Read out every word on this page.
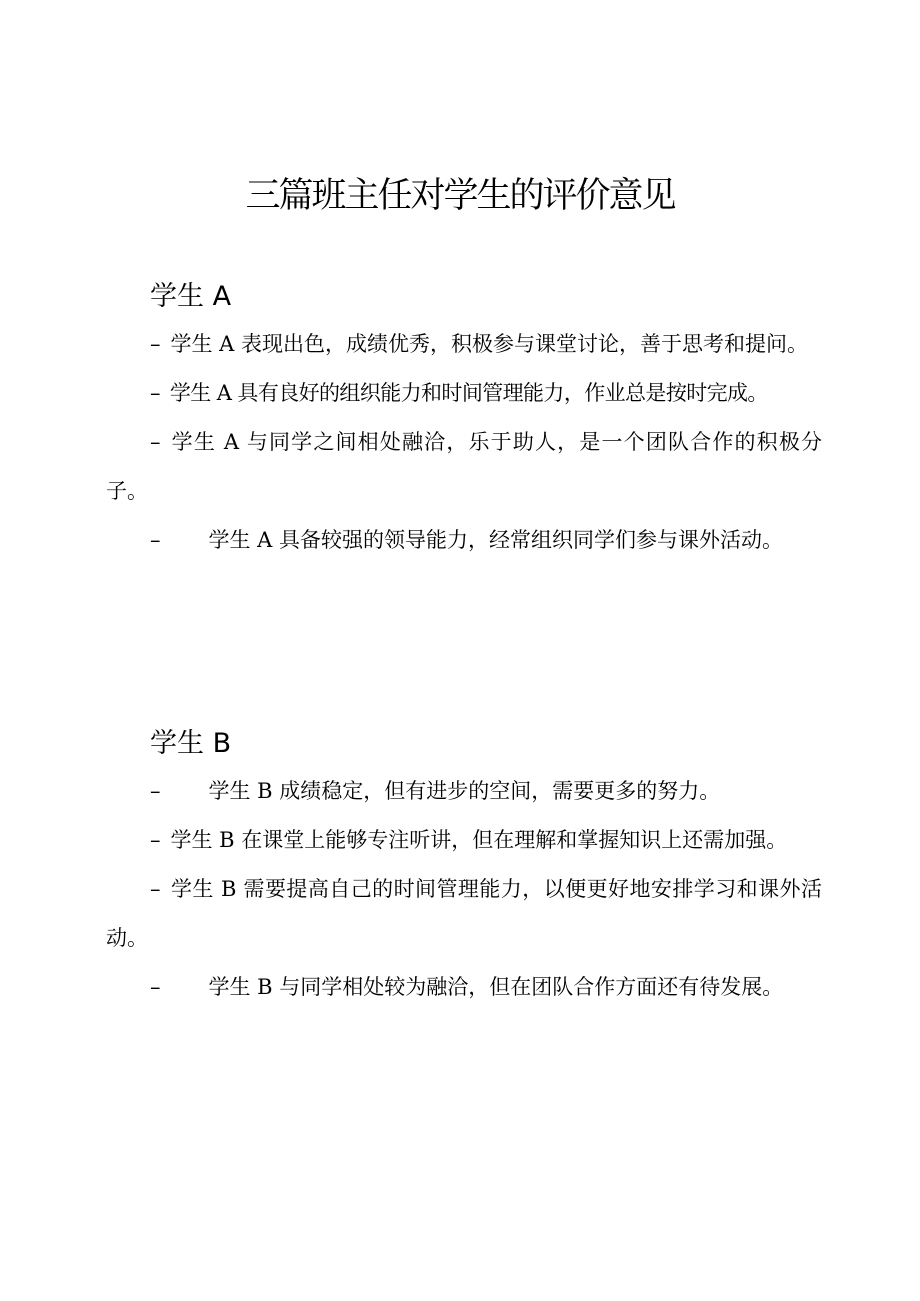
三篇班主任对学生的评价意见
学生 A

– 学生 A 表现出色，成绩优秀，积极参与课堂讨论，善于思考和提问。

– 学生 A 具有良好的组织能力和时间管理能力，作业总是按时完成。

– 学生 A 与同学之间相处融洽，乐于助人，是一个团队合作的积极分子。

– 学生 A 具备较强的领导能力，经常组织同学们参与课外活动。

学生 B

– 学生 B 成绩稳定，但有进步的空间，需要更多的努力。

– 学生 B 在课堂上能够专注听讲，但在理解和掌握知识上还需加强。

– 学生 B 需要提高自己的时间管理能力，以便更好地安排学习和课外活动。

– 学生 B 与同学相处较为融洽，但在团队合作方面还有待发展。
